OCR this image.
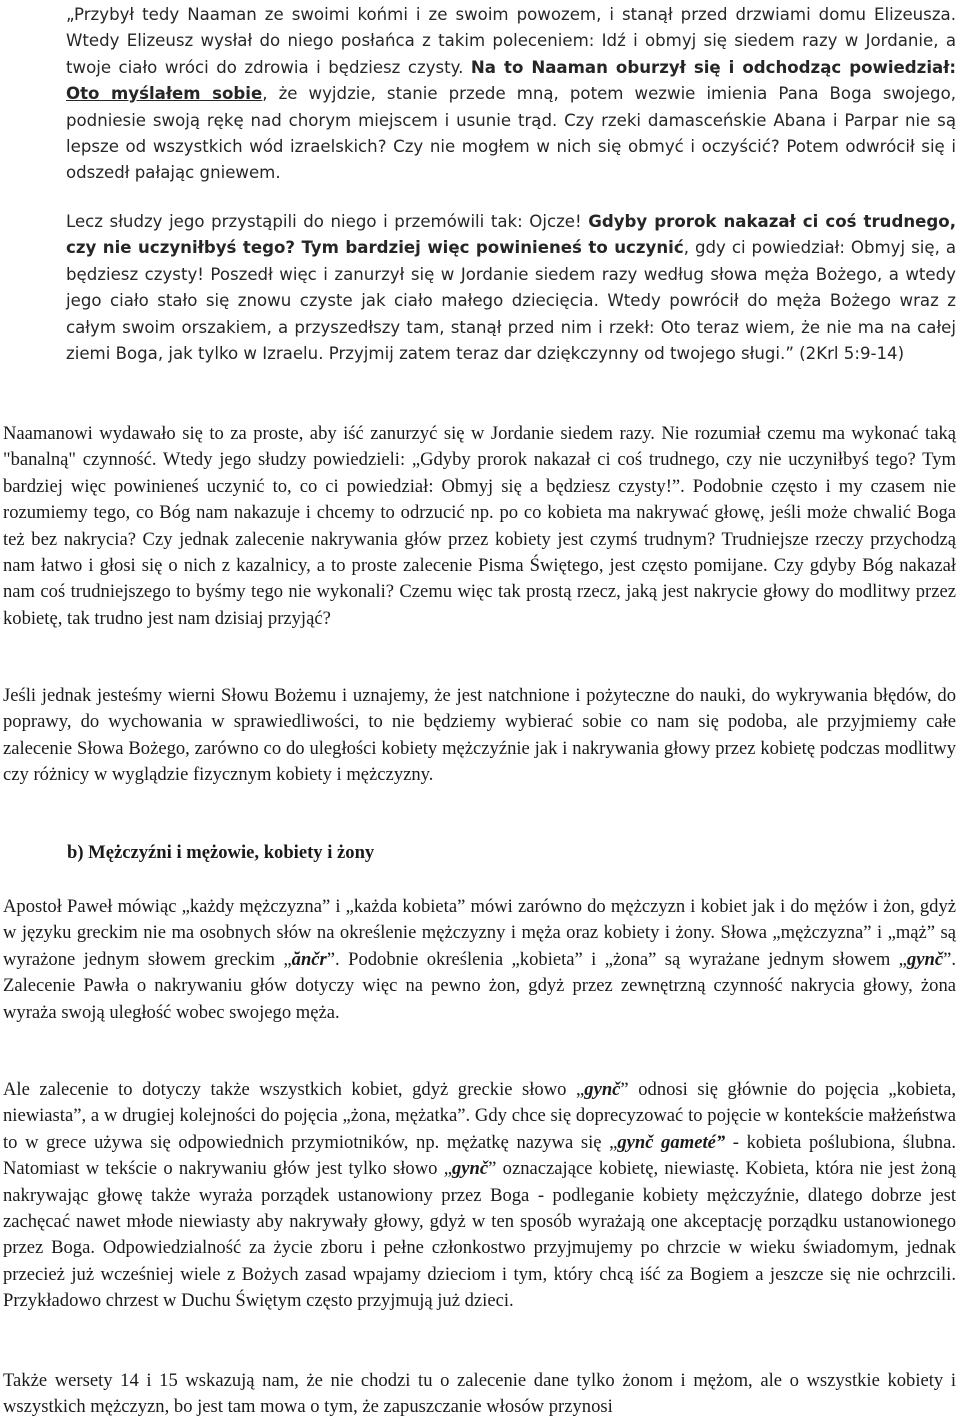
„Przybył tedy Naaman ze swoimi końmi i ze swoim powozem, i stanął przed drzwiami domu Elizeusza. Wtedy Elizeusz wysłał do niego posłańca z takim poleceniem: Idź i obmyj się siedem razy w Jordanie, a twoje ciało wróci do zdrowia i będziesz czysty. Na to Naaman oburzył się i odchodząc powiedział: Oto myślałem sobie, że wyjdzie, stanie przede mną, potem wezwie imienia Pana Boga swojego, podniesie swoją rękę nad chorym miejscem i usunie trąd. Czy rzeki damasceńskie Abana i Parpar nie są lepsze od wszystkich wód izraelskich? Czy nie mogłem w nich się obmyć i oczyścić? Potem odwrócił się i odszedł pałając gniewem.

Lecz słudzy jego przystąpili do niego i przemówili tak: Ojcze! Gdyby prorok nakazał ci coś trudnego, czy nie uczyniłbyś tego? Tym bardziej więc powinieneś to uczynić, gdy ci powiedział: Obmyj się, a będziesz czysty! Poszedł więc i zanurzył się w Jordanie siedem razy według słowa męża Bożego, a wtedy jego ciało stało się znowu czyste jak ciało małego dziecięcia. Wtedy powrócił do męża Bożego wraz z całym swoim orszakiem, a przyszedłszy tam, stanął przed nim i rzekł: Oto teraz wiem, że nie ma na całej ziemi Boga, jak tylko w Izraelu. Przyjmij zatem teraz dar dziękczynny od twojego sługi.” (2Krl 5:9-14)

Naamanowi wydawało się to za proste, aby iść zanurzyć się w Jordanie siedem razy. Nie rozumiał czemu ma wykonać taką "banalną" czynność. Wtedy jego słudzy powiedzieli: „Gdyby prorok nakazał ci coś trudnego, czy nie uczyniłbyś tego? Tym bardziej więc powinieneś uczynić to, co ci powiedział: Obmyj się a będziesz czysty!”. Podobnie często i my czasem nie rozumiemy tego, co Bóg nam nakazuje i chcemy to odrzucić np. po co kobieta ma nakrywać głowę, jeśli może chwalić Boga też bez nakrycia? Czy jednak zalecenie nakrywania głów przez kobiety jest czymś trudnym? Trudniejsze rzeczy przychodzą nam łatwo i głosi się o nich z kazalnicy, a to proste zalecenie Pisma Świętego, jest często pomijane. Czy gdyby Bóg nakazał nam coś trudniejszego to byśmy tego nie wykonali? Czemu więc tak prostą rzecz, jaką jest nakrycie głowy do modlitwy przez kobietę, tak trudno jest nam dzisiaj przyjąć?

Jeśli jednak jesteśmy wierni Słowu Bożemu i uznajemy, że jest natchnione i pożyteczne do nauki, do wykrywania błędów, do poprawy, do wychowania w sprawiedliwości, to nie będziemy wybierać sobie co nam się podoba, ale przyjmiemy całe zalecenie Słowa Bożego, zarówno co do uległości kobiety mężczyźnie jak i nakrywania głowy przez kobietę podczas modlitwy czy różnicy w wyglądzie fizycznym kobiety i mężczyzny.

b) Mężczyźni i mężowie, kobiety i żony

Apostoł Paweł mówiąc „każdy mężczyzna” i „każda kobieta” mówi zarówno do mężczyzn i kobiet jak i do mężów i żon, gdyż w języku greckim nie ma osobnych słów na określenie mężczyzny i męża oraz kobiety i żony. Słowa „mężczyzna” i „mąż” są wyrażone jednym słowem greckim „ănčr”. Podobnie określenia „kobieta” i „żona” są wyrażane jednym słowem „gynč”. Zalecenie Pawła o nakrywaniu głów dotyczy więc na pewno żon, gdyż przez zewnętrzną czynność nakrycia głowy, żona wyraża swoją uległość wobec swojego męża.

Ale zalecenie to dotyczy także wszystkich kobiet, gdyż greckie słowo „gynč” odnosi się głównie do pojęcia „kobieta, niewiasta”, a w drugiej kolejności do pojęcia „żona, mężatka”. Gdy chce się doprecyzować to pojęcie w kontekście małżeństwa to w grece używa się odpowiednich przymiotników, np. mężatkę nazywa się „gynč gameté” - kobieta poślubiona, ślubna. Natomiast w tekście o nakrywaniu głów jest tylko słowo „gynč” oznaczające kobietę, niewiastę. Kobieta, która nie jest żoną nakrywając głowę także wyraża porządek ustanowiony przez Boga - podleganie kobiety mężczyźnie, dlatego dobrze jest zachęcać nawet młode niewiasty aby nakrywały głowy, gdyż w ten sposób wyrażają one akceptację porządku ustanowionego przez Boga. Odpowiedzialność za życie zboru i pełne członkostwo przyjmujemy po chrzcie w wieku świadomym, jednak przecież już wcześniej wiele z Bożych zasad wpajamy dzieciom i tym, który chcą iść za Bogiem a jeszcze się nie ochrzcili. Przykładowo chrzest w Duchu Świętym często przyjmują już dzieci.

Także wersety 14 i 15 wskazują nam, że nie chodzi tu o zalecenie dane tylko żonom i mężom, ale o wszystkie kobiety i wszystkich mężczyzn, bo jest tam mowa o tym, że zapuszczanie włosów przynosi
